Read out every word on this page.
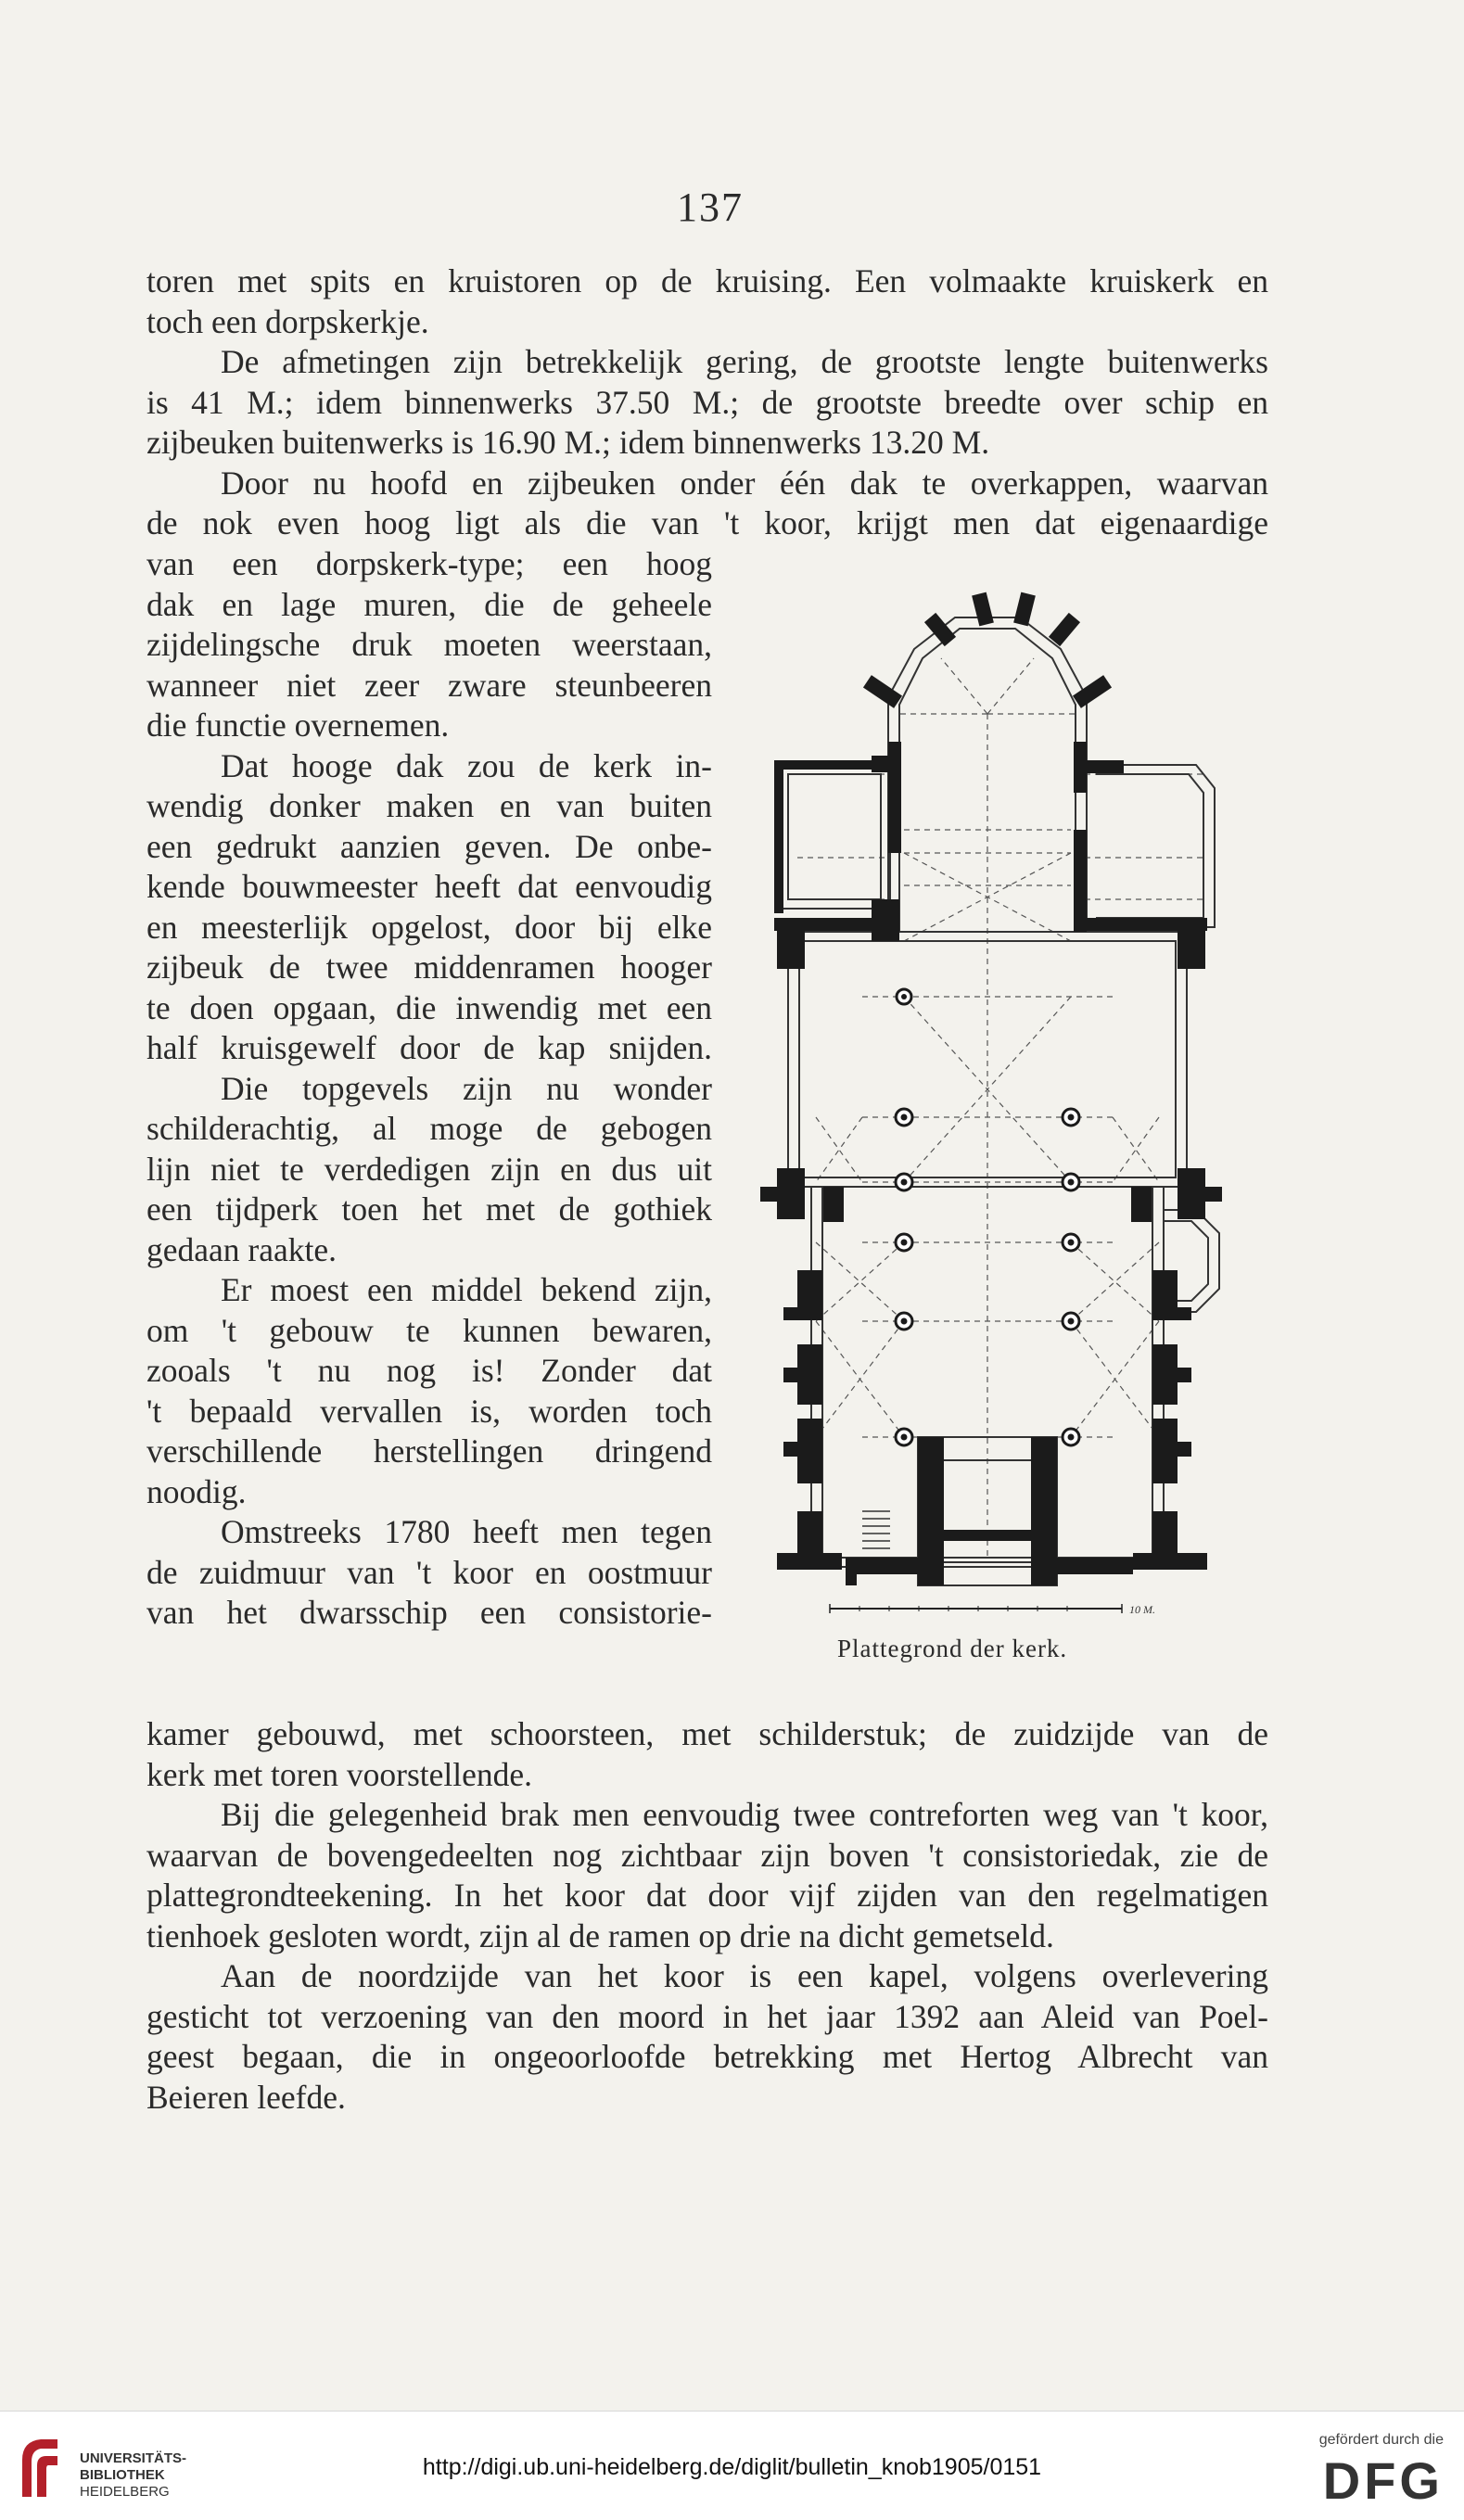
137
toren met spits en kruistoren op de kruising. Een volmaakte kruiskerk en
toch een dorpskerkje.
De afmetingen zijn betrekkelijk gering, de grootste lengte buitenwerks
is 41 M.; idem binnenwerks 37.50 M.; de grootste breedte over schip en
zijbeuken buitenwerks is 16.90 M.; idem binnenwerks 13.20 M.
Door nu hoofd en zijbeuken onder één dak te overkappen, waarvan
de nok even hoog ligt als die van 't koor, krijgt men dat eigenaardige
van een dorpskerk-type; een hoog
dak en lage muren, die de geheele
zijdelingsche druk moeten weerstaan,
wanneer niet zeer zware steunbeeren
die functie overnemen.
Dat hooge dak zou de kerk in-
wendig donker maken en van buiten
een gedrukt aanzien geven. De onbe-
kende bouwmeester heeft dat eenvoudig
en meesterlijk opgelost, door bij elke
zijbeuk de twee middenramen hooger
te doen opgaan, die inwendig met een
half kruisgewelf door de kap snijden.
Die topgevels zijn nu wonder
schilderachtig, al moge de gebogen
lijn niet te verdedigen zijn en dus uit
een tijdperk toen het met de gothiek
gedaan raakte.
Er moest een middel bekend zijn,
om 't gebouw te kunnen bewaren,
zooals 't nu nog is! Zonder dat
't bepaald vervallen is, worden toch
verschillende herstellingen dringend
noodig.
Omstreeks 1780 heeft men tegen
de zuidmuur van 't koor en oostmuur
van het dwarsschip een consistorie-
kamer gebouwd, met schoorsteen, met schilderstuk; de zuidzijde van de
kerk met toren voorstellende.
Bij die gelegenheid brak men eenvoudig twee contreforten weg van 't koor,
waarvan de bovengedeelten nog zichtbaar zijn boven 't consistoriedak, zie de
plattegrondteekening. In het koor dat door vijf zijden van den regelmatigen
tienhoek gesloten wordt, zijn al de ramen op drie na dicht gemetseld.
Aan de noordzijde van het koor is een kapel, volgens overlevering
gesticht tot verzoening van den moord in het jaar 1392 aan Aleid van Poel-
geest begaan, die in ongeoorloofde betrekking met Hertog Albrecht van
Beieren leefde.
10 M.
Plattegrond der kerk.
UNIVERSITÄTS-
BIBLIOTHEK
HEIDELBERG
http://digi.ub.uni-heidelberg.de/diglit/bulletin_knob1905/0151
gefördert durch die
DFG
